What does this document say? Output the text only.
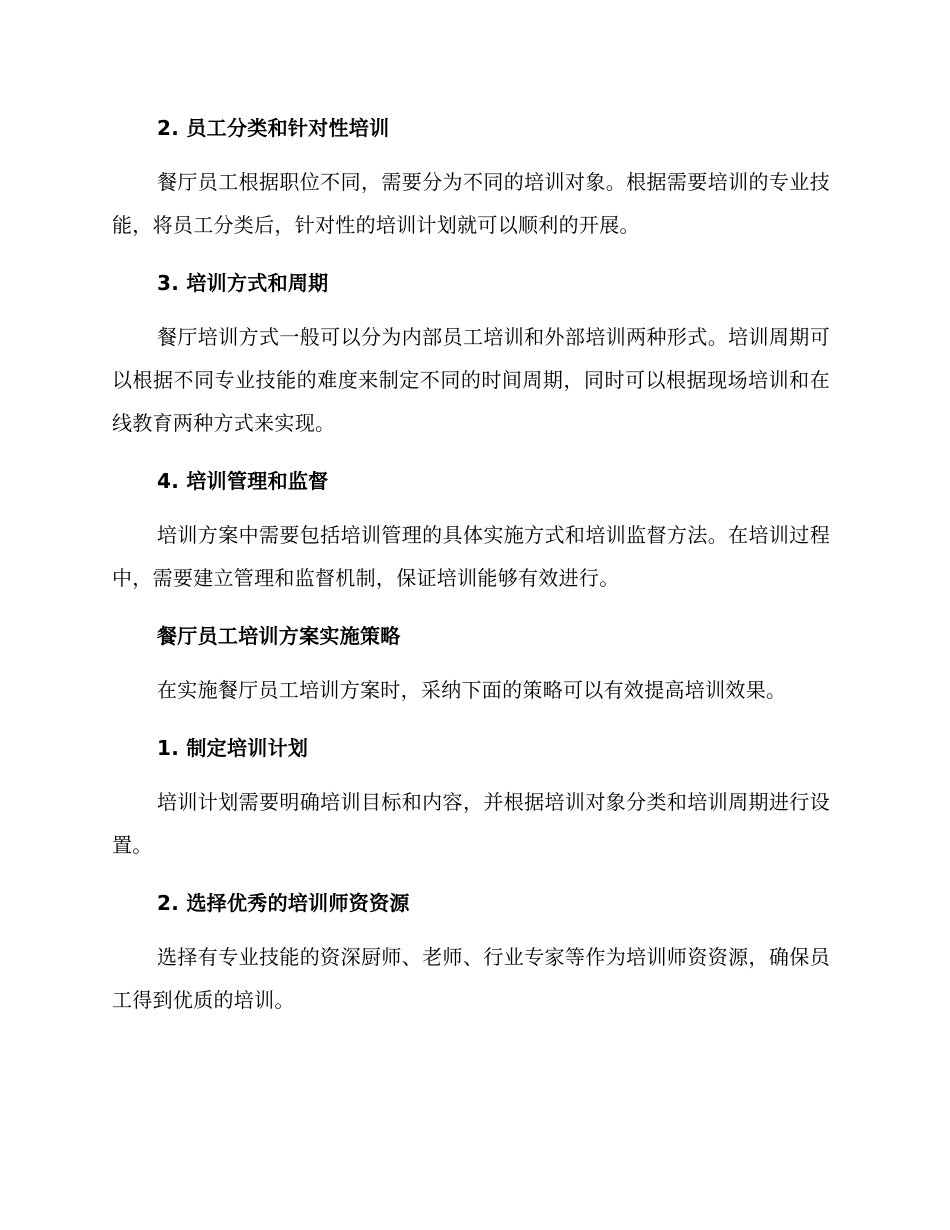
2. 员工分类和针对性培训

餐厅员工根据职位不同，需要分为不同的培训对象。根据需要培训的专业技能，将员工分类后，针对性的培训计划就可以顺利的开展。

3. 培训方式和周期

餐厅培训方式一般可以分为内部员工培训和外部培训两种形式。培训周期可以根据不同专业技能的难度来制定不同的时间周期，同时可以根据现场培训和在线教育两种方式来实现。

4. 培训管理和监督

培训方案中需要包括培训管理的具体实施方式和培训监督方法。在培训过程中，需要建立管理和监督机制，保证培训能够有效进行。

餐厅员工培训方案实施策略

在实施餐厅员工培训方案时，采纳下面的策略可以有效提高培训效果。

1. 制定培训计划

培训计划需要明确培训目标和内容，并根据培训对象分类和培训周期进行设置。

2. 选择优秀的培训师资资源

选择有专业技能的资深厨师、老师、行业专家等作为培训师资资源，确保员工得到优质的培训。
